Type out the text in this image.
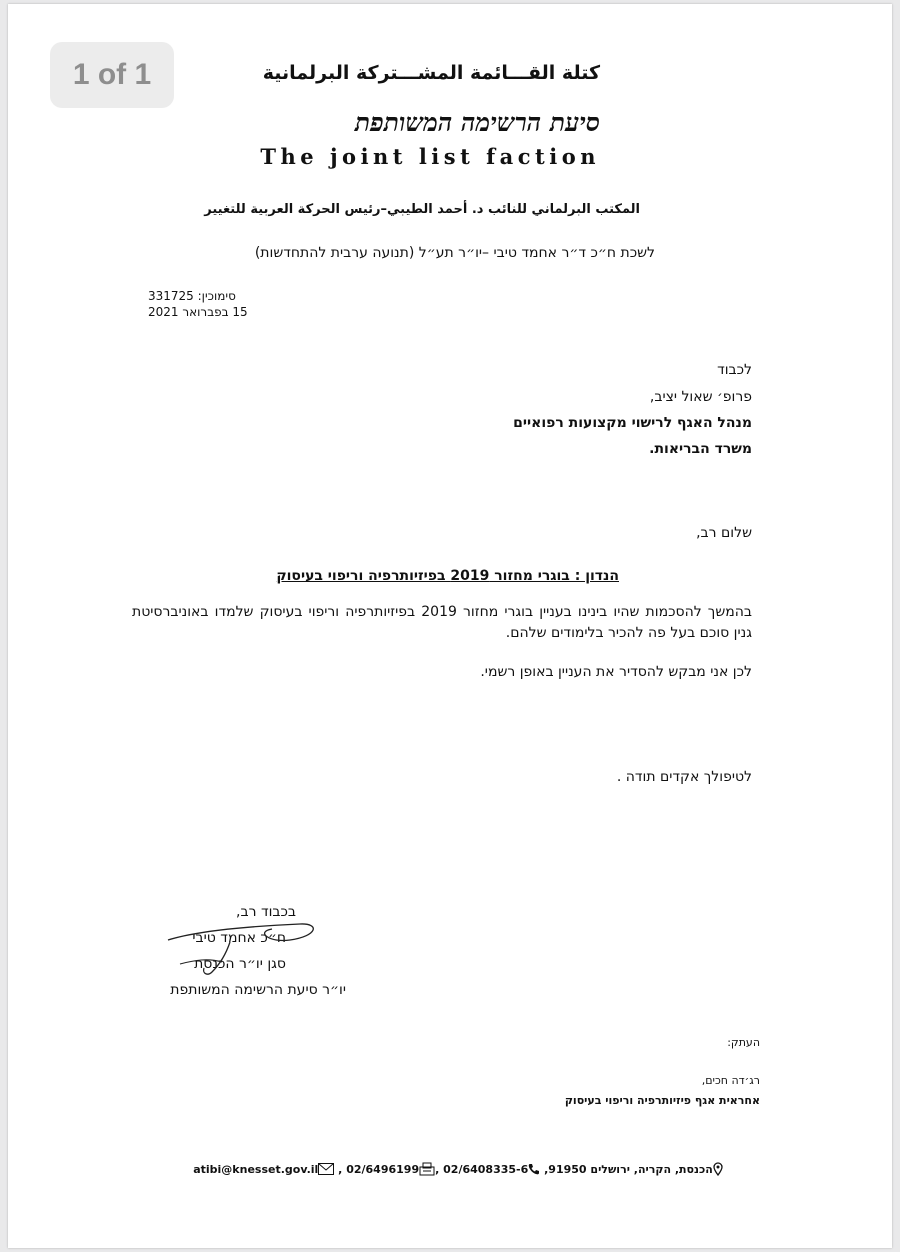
1 of 1	كتلة القـــائمة المشـــتركة البرلمانية
סיעת הרשימה המשותפת
The joint list faction
المكتب البرلماني للنائب د. أحمد الطيبي–رئيس الحركة العربية للتغيير
לשכת ח״כ ד״ר אחמד טיבי –יו״ר תע״ל (תנועה ערבית להתחדשות)
סימוכין: 331725
15 בפברואר 2021
לכבוד
פרופ׳ שאול יציב,
מנהל האגף לרישוי מקצועות רפואיים
משרד הבריאות.
שלום רב,
הנדון : בוגרי מחזור 2019 בפיזיותרפיה וריפוי בעיסוק
בהמשך להסכמות שהיו בינינו בעניין בוגרי מחזור 2019 בפיזיותרפיה וריפוי בעיסוק שלמדו באוניברסיטת גנין סוכם בעל פה להכיר בלימודים שלהם.
לכן אני מבקש להסדיר את העניין באופן רשמי.
לטיפולך אקדים תודה .
בכבוד רב,
ח״כ אחמד טיבי
סגן יו״ר הכנסת
יו״ר סיעת הרשימה המשותפת
העתק:
רג׳דה חכים,
אחראית אגף פיזיותרפיה וריפוי בעיסוק
atibi@knesset.gov.il , 02/6496199 , 02/6408335-6 הכנסת, הקריה, ירושלים 91950,
